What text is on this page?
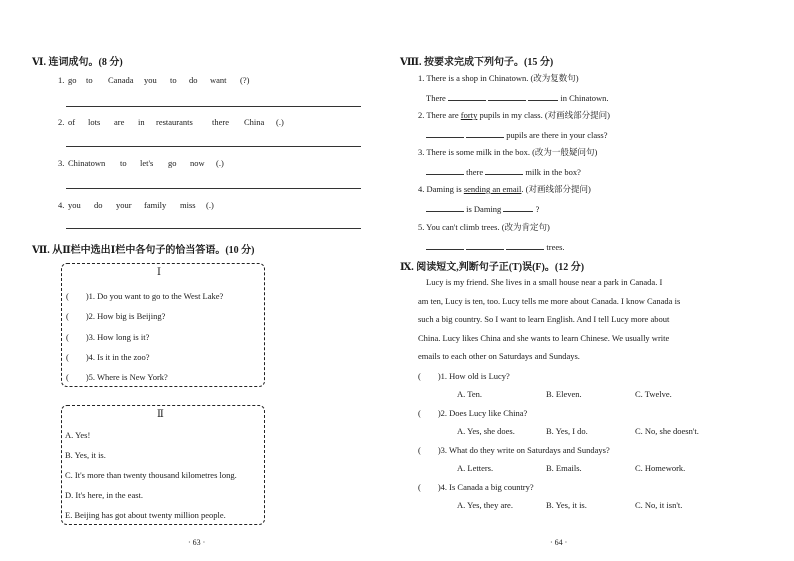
Ⅵ. 连词成句。(8 分)
1. go to Canada you to do want (?)
2. of lots are in restaurants there China (.)
3. Chinatown to let's go now (.)
4. you do your family miss (.)
Ⅶ. 从Ⅱ栏中选出Ⅰ栏中各句子的恰当答语。(10 分)
Ⅰ
(　　)1. Do you want to go to the West Lake?
(　　)2. How big is Beijing?
(　　)3. How long is it?
(　　)4. Is it in the zoo?
(　　)5. Where is New York?
Ⅱ
A. Yes!
B. Yes, it is.
C. It's more than twenty thousand kilometres long.
D. It's here, in the east.
E. Beijing has got about twenty million people.
· 63 ·
Ⅷ. 按要求完成下列句子。(15 分)
1. There is a shop in Chinatown. (改为复数句)
There	in Chinatown.
2. There are forty pupils in my class. (对画线部分提问)
pupils are there in your class?
3. There is some milk in the box. (改为一般疑问句)
there	milk in the box?
4. Daming is sending an email. (对画线部分提问)
is Daming	?
5. You can't climb trees. (改为肯定句)
trees.
Ⅸ. 阅读短文,判断句子正(T)误(F)。(12 分)
Lucy is my friend. She lives in a small house near a park in Canada. I
am ten, Lucy is ten, too. Lucy tells me more about Canada. I know Canada is
such a big country. So I want to learn English. And I tell Lucy more about
China. Lucy likes China and she wants to learn Chinese. We usually write
emails to each other on Saturdays and Sundays.
(　　)1. How old is Lucy?
A. Ten.	B. Eleven.	C. Twelve.
(　　)2. Does Lucy like China?
A. Yes, she does.	B. Yes, I do.	C. No, she doesn't.
(　　)3. What do they write on Saturdays and Sundays?
A. Letters.	B. Emails.	C. Homework.
(　　)4. Is Canada a big country?
A. Yes, they are.	B. Yes, it is.	C. No, it isn't.
· 64 ·
